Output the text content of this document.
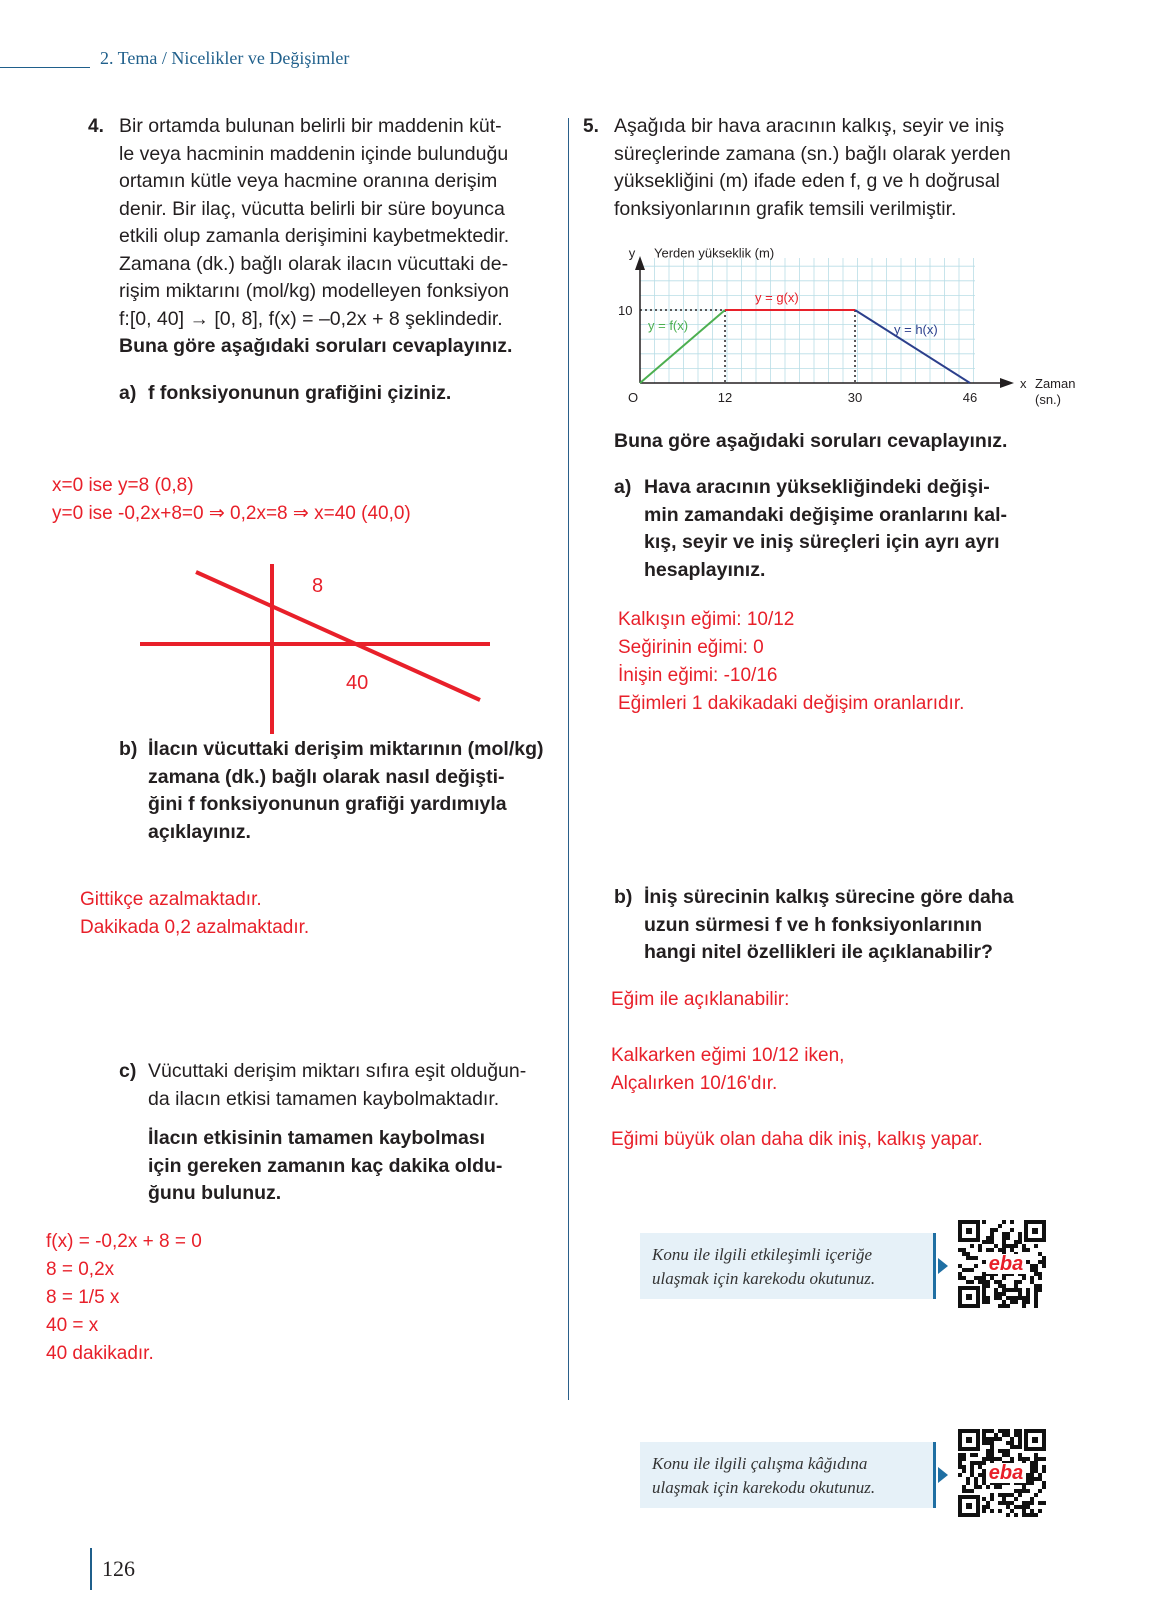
2. Tema / Nicelikler ve Değişimler
4. Bir ortamda bulunan belirli bir maddenin küt-
le veya hacminin maddenin içinde bulunduğu
ortamın kütle veya hacmine oranına derişim
denir. Bir ilaç, vücutta belirli bir süre boyunca
etkili olup zamanla derişimini kaybetmektedir.
Zamana (dk.) bağlı olarak ilacın vücuttaki de-
rişim miktarını (mol/kg) modelleyen fonksiyon
f:[0, 40] → [0, 8], f(x) = –0,2x + 8 şeklindedir.
Buna göre aşağıdaki soruları cevaplayınız.
a) f fonksiyonunun grafiğini çiziniz.
x=0 ise y=8 (0,8)
y=0 ise -0,2x+8=0 ⇒ 0,2x=8 ⇒ x=40 (40,0)
8
40
b) İlacın vücuttaki derişim miktarının (mol/kg)
zamana (dk.) bağlı olarak nasıl değişti-
ğini f fonksiyonunun grafiği yardımıyla
açıklayınız.
Gittikçe azalmaktadır.
Dakikada 0,2 azalmaktadır.
c) Vücuttaki derişim miktarı sıfıra eşit olduğun-
da ilacın etkisi tamamen kaybolmaktadır.
İlacın etkisinin tamamen kaybolması
için gereken zamanın kaç dakika oldu-
ğunu bulunuz.
f(x) = -0,2x + 8 = 0
8 = 0,2x
8 = 1/5 x
40 = x
40 dakikadır.
5. Aşağıda bir hava aracının kalkış, seyir ve iniş
süreçlerinde zamana (sn.) bağlı olarak yerden
yüksekliğini (m) ifade eden f, g ve h doğrusal
fonksiyonlarının grafik temsili verilmiştir.
y Yerden yükseklik (m)
10
O	12	30	46
x Zaman
(sn.)
y = f(x)
y = g(x)
y = h(x)
Buna göre aşağıdaki soruları cevaplayınız.
a) Hava aracının yüksekliğindeki değişi-
min zamandaki değişime oranlarını kal-
kış, seyir ve iniş süreçleri için ayrı ayrı
hesaplayınız.
Kalkışın eğimi: 10/12
Seğirinin eğimi: 0
İnişin eğimi: -10/16
Eğimleri 1 dakikadaki değişim oranlarıdır.
b) İniş sürecinin kalkış sürecine göre daha
uzun sürmesi f ve h fonksiyonlarının
hangi nitel özellikleri ile açıklanabilir?
Eğim ile açıklanabilir:
Kalkarken eğimi 10/12 iken,
Alçalırken 10/16'dır.
Eğimi büyük olan daha dik iniş, kalkış yapar.
Konu ile ilgili etkileşimli içeriğe
ulaşmak için karekodu okutunuz.
eba
Konu ile ilgili çalışma kâğıdına
ulaşmak için karekodu okutunuz.
eba
126
